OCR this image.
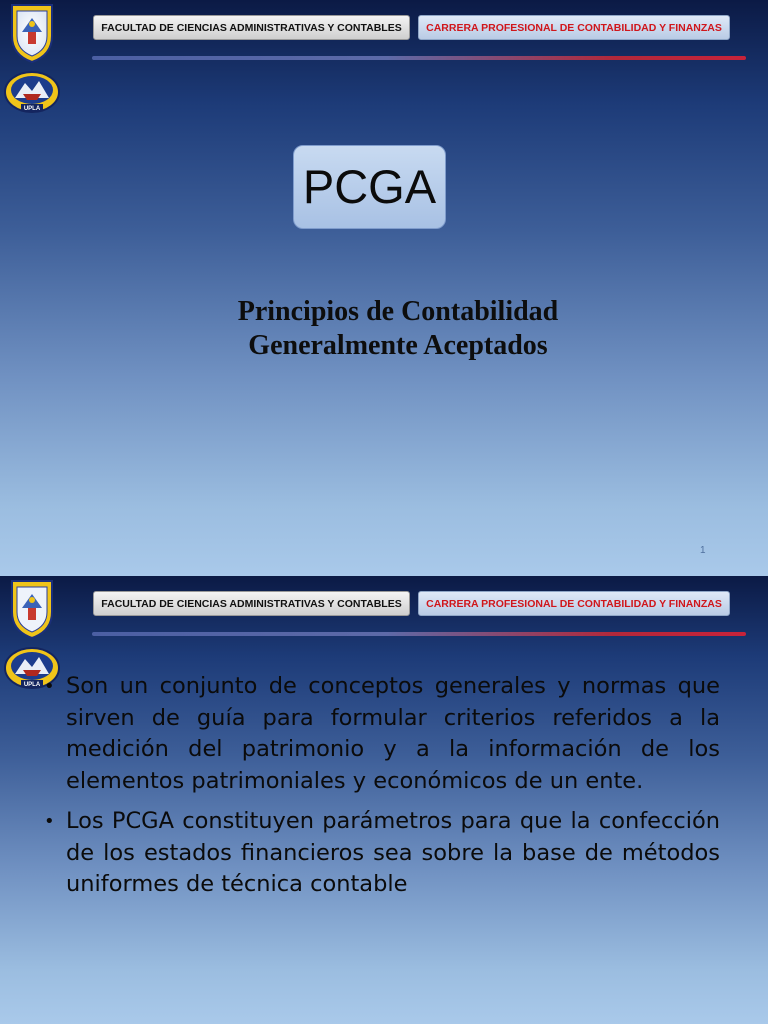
UPLA
FACULTAD DE CIENCIAS ADMINISTRATIVAS Y CONTABLES	CARRERA PROFESIONAL DE CONTABILIDAD Y FINANZAS
PCGA
Principios de Contabilidad
Generalmente Aceptados
1
UPLA
FACULTAD DE CIENCIAS ADMINISTRATIVAS Y CONTABLES	CARRERA PROFESIONAL DE CONTABILIDAD Y FINANZAS
• Son un conjunto de conceptos generales y normas que sirven de guía para formular criterios referidos a la medición del patrimonio y a la información de los elementos patrimoniales y económicos de un ente.
• Los PCGA constituyen parámetros para que la confección de los estados financieros sea sobre la base de métodos uniformes de técnica contable
